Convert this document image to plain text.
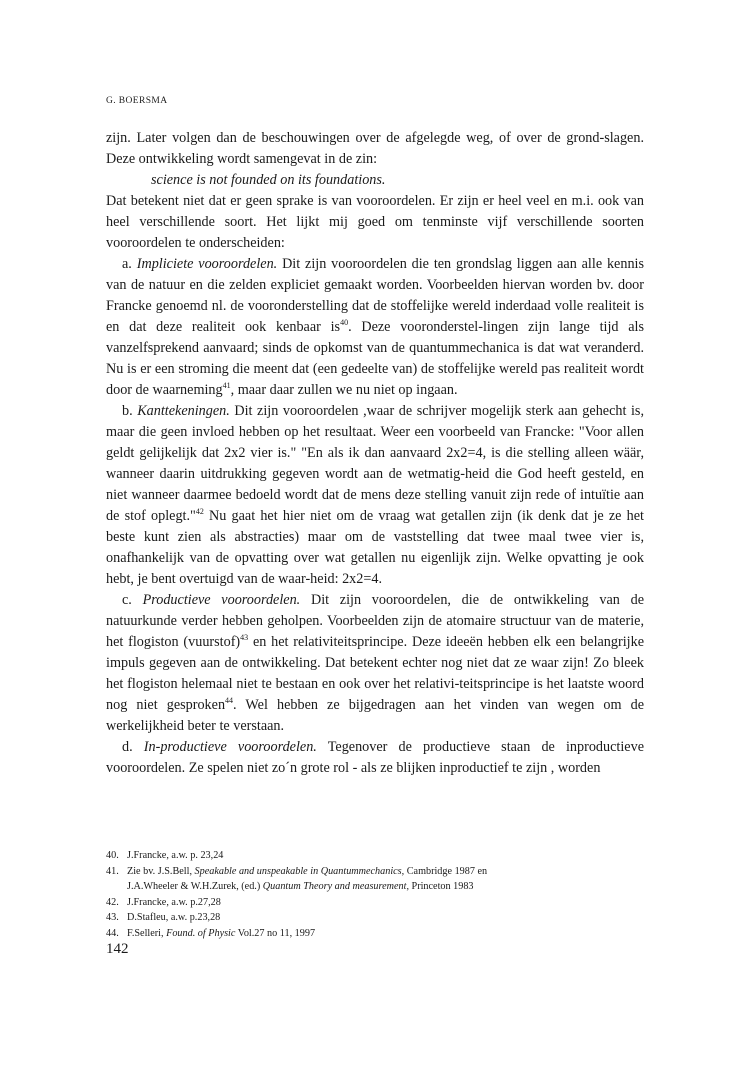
G. BOERSMA

zijn. Later volgen dan de beschouwingen over de afgelegde weg, of over de grond-slagen. Deze ontwikkeling wordt samengevat in de zin:

science is not founded on its foundations.

Dat betekent niet dat er geen sprake is van vooroordelen. Er zijn er heel veel en m.i. ook van heel verschillende soort. Het lijkt mij goed om tenminste vijf verschillende soorten vooroordelen te onderscheiden:

a. Impliciete vooroordelen. Dit zijn vooroordelen die ten grondslag liggen aan alle kennis van de natuur en die zelden expliciet gemaakt worden. Voorbeelden hiervan worden bv. door Francke genoemd nl. de vooronderstelling dat de stoffelijke wereld inderdaad volle realiteit is en dat deze realiteit ook kenbaar $is^{40}$. Deze vooronderstel-lingen zijn lange tijd als vanzelfsprekend aanvaard; sinds de opkomst van de quantummechanica is dat wat veranderd. Nu is er een stroming die meent dat (een gedeelte van) de stoffelijke wereld pas realiteit wordt door de waarneming$^{41}$, maar daar zullen we nu niet op ingaan.

b. Kanttekeningen. Dit zijn vooroordelen ,waar de schrijver mogelijk sterk aan gehecht is, maar die geen invloed hebben op het resultaat. Weer een voorbeeld van Francke: "Voor allen geldt gelijkelijk dat 2x2 vier is." "En als ik dan aanvaard 2x2=4, is die stelling alleen wäär, wanneer daarin uitdrukking gegeven wordt aan de wetmatig-heid die God heeft gesteld, en niet wanneer daarmee bedoeld wordt dat de mens deze stelling vanuit zijn rede of intuïtie aan de stof oplegt."$^{42}$ Nu gaat het hier niet om de vraag wat getallen zijn (ik denk dat je ze het beste kunt zien als abstracties) maar om de vaststelling dat twee maal twee vier is, onafhankelijk van de opvatting over wat getallen nu eigenlijk zijn. Welke opvatting je ook hebt, je bent overtuigd van de waar-heid: 2x2=4.

c. Productieve vooroordelen. Dit zijn vooroordelen, die de ontwikkeling van de natuurkunde verder hebben geholpen. Voorbeelden zijn de atomaire structuur van de materie, het flogiston (vuurstof)$^{43}$ en het relativiteitsprincipe. Deze ideeën hebben elk een belangrijke impuls gegeven aan de ontwikkeling. Dat betekent echter nog niet dat ze waar zijn! Zo bleek het flogiston helemaal niet te bestaan en ook over het relativi-teitsprincipe is het laatste woord nog niet gesproken$^{44}$. Wel hebben ze bijgedragen aan het vinden van wegen om de werkelijkheid beter te verstaan.

d. In-productieve vooroordelen. Tegenover de productieve staan de inproductieve vooroordelen. Ze spelen niet zo´n grote rol - als ze blijken inproductief te zijn , worden

40. J.Francke, a.w. p. 23,24
41. Zie bv. J.S.Bell, Speakable and unspeakable in Quantummechanics, Cambridge 1987 en
J.A.Wheeler & W.H.Zurek, (ed.) Quantum Theory and measurement, Princeton 1983
42. J.Francke, a.w. p.27,28
43. D.Stafleu, a.w. p.23,28
44. F.Selleri, Found. of Physic Vol.27 no 11, 1997
142
